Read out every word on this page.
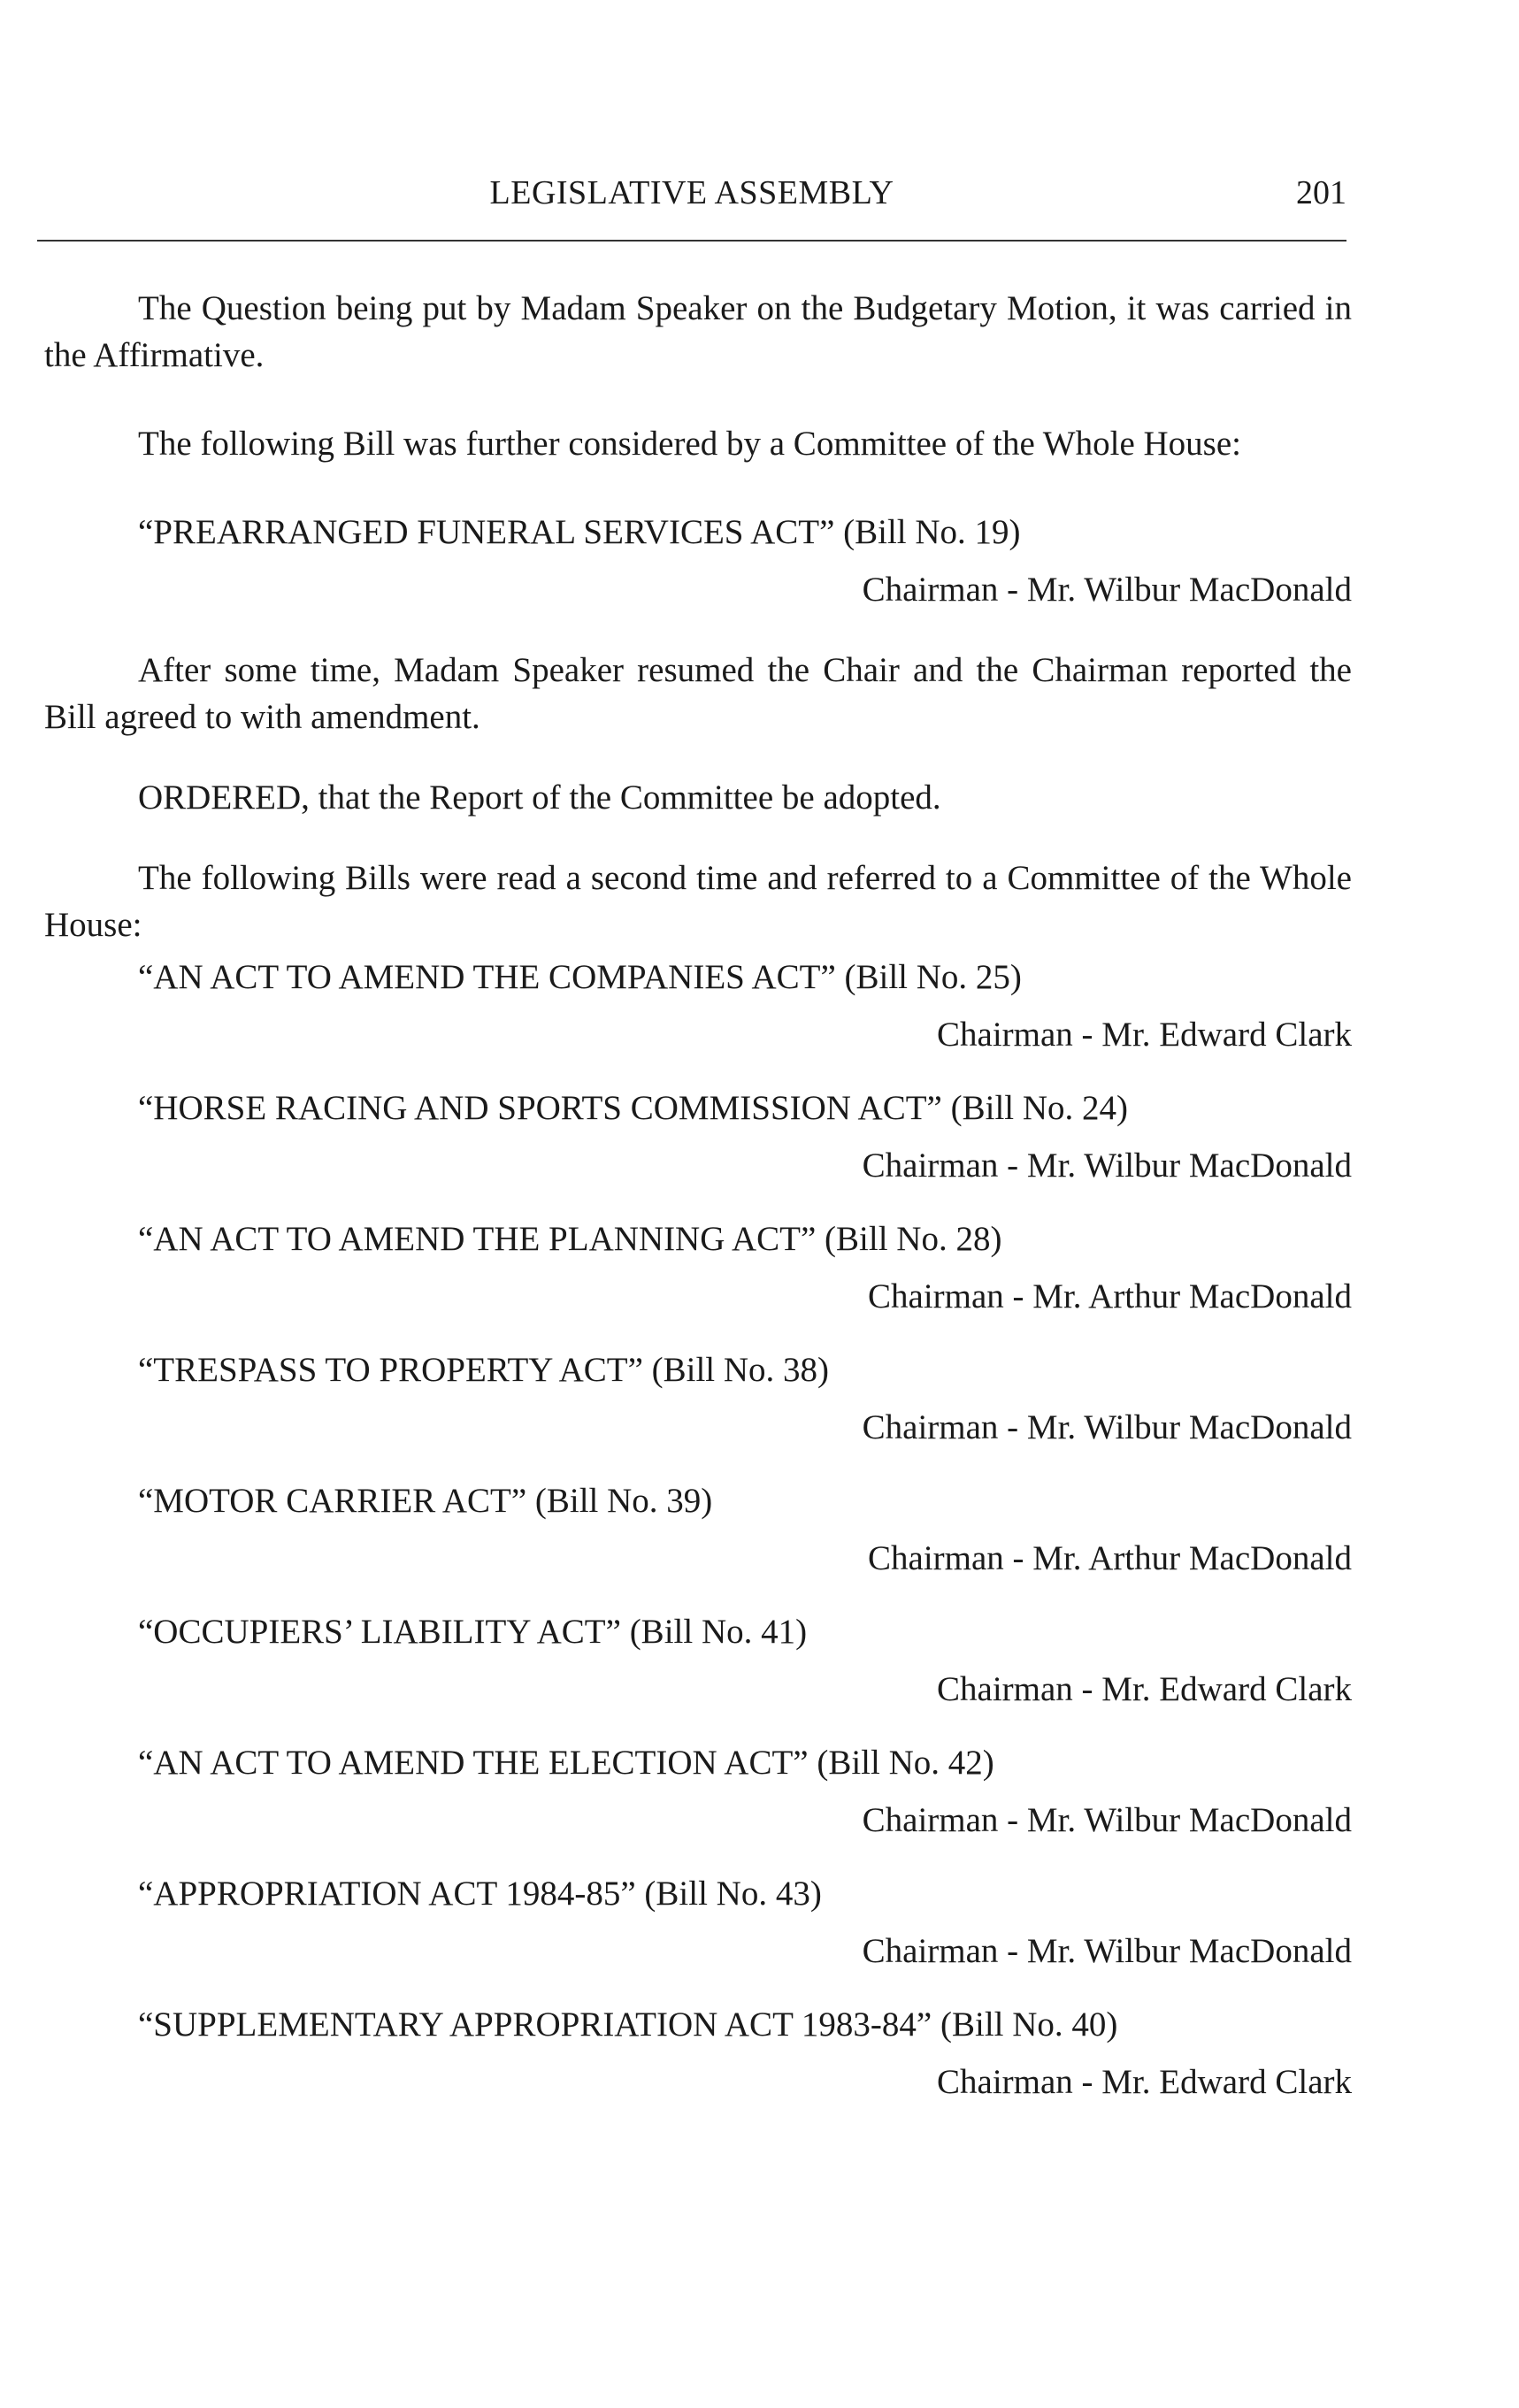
LEGISLATIVE ASSEMBLY	201

The Question being put by Madam Speaker on the Budgetary Motion, it was carried in the Affirmative.

The following Bill was further considered by a Committee of the Whole House:

“PREARRANGED FUNERAL SERVICES ACT” (Bill No. 19)

Chairman - Mr. Wilbur MacDonald

After some time, Madam Speaker resumed the Chair and the Chairman reported the Bill agreed to with amendment.

ORDERED, that the Report of the Committee be adopted.

The following Bills were read a second time and referred to a Committee of the Whole House:

“AN ACT TO AMEND THE COMPANIES ACT” (Bill No. 25)

Chairman - Mr. Edward Clark

“HORSE RACING AND SPORTS COMMISSION ACT” (Bill No. 24)

Chairman - Mr. Wilbur MacDonald

“AN ACT TO AMEND THE PLANNING ACT” (Bill No. 28)

Chairman - Mr. Arthur MacDonald

“TRESPASS TO PROPERTY ACT” (Bill No. 38)

Chairman - Mr. Wilbur MacDonald

“MOTOR CARRIER ACT” (Bill No. 39)

Chairman - Mr. Arthur MacDonald

“OCCUPIERS’ LIABILITY ACT” (Bill No. 41)

Chairman - Mr. Edward Clark

“AN ACT TO AMEND THE ELECTION ACT” (Bill No. 42)

Chairman - Mr. Wilbur MacDonald

“APPROPRIATION ACT 1984-85” (Bill No. 43)

Chairman - Mr. Wilbur MacDonald

“SUPPLEMENTARY APPROPRIATION ACT 1983-84” (Bill No. 40)

Chairman - Mr. Edward Clark
